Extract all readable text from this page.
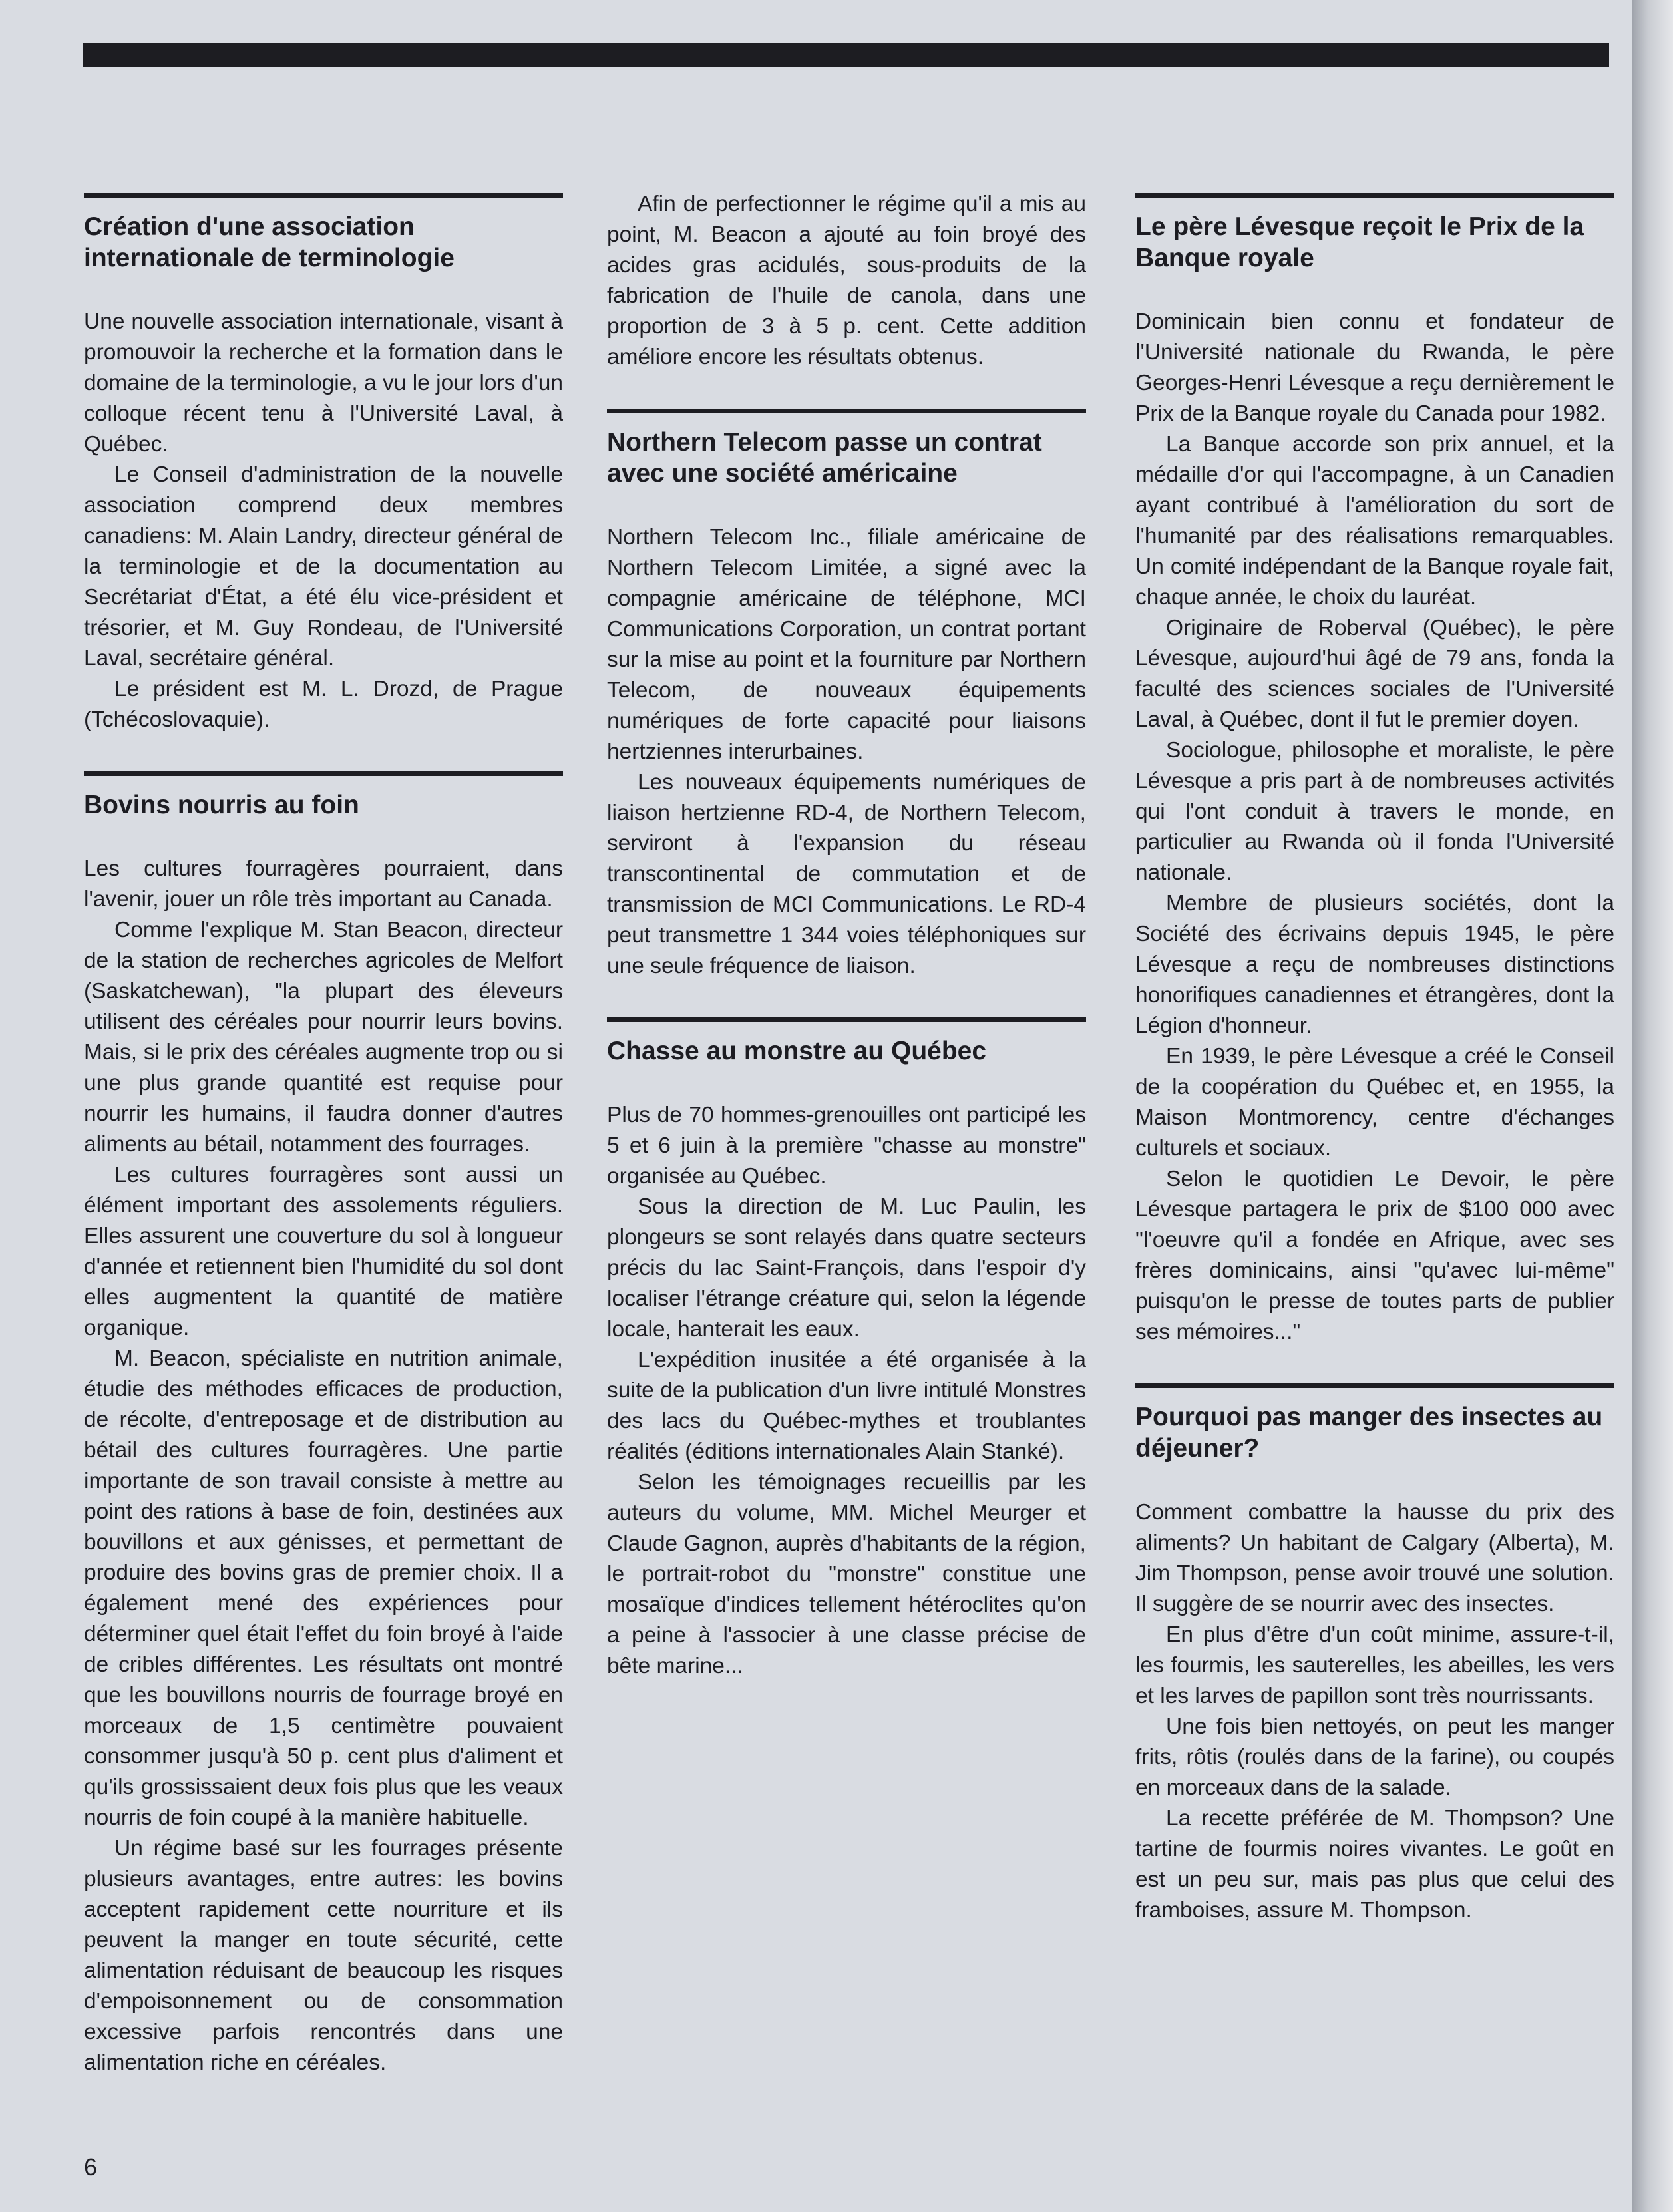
Création d'une association internationale de terminologie

Une nouvelle association internationale, visant à promouvoir la recherche et la formation dans le domaine de la terminologie, a vu le jour lors d'un colloque récent tenu à l'Université Laval, à Québec.

Le Conseil d'administration de la nouvelle association comprend deux membres canadiens: M. Alain Landry, directeur général de la terminologie et de la documentation au Secrétariat d'État, a été élu vice-président et trésorier, et M. Guy Rondeau, de l'Université Laval, secrétaire général.

Le président est M. L. Drozd, de Prague (Tchécoslovaquie).

Bovins nourris au foin

Les cultures fourragères pourraient, dans l'avenir, jouer un rôle très important au Canada.

Comme l'explique M. Stan Beacon, directeur de la station de recherches agricoles de Melfort (Saskatchewan), "la plupart des éleveurs utilisent des céréales pour nourrir leurs bovins. Mais, si le prix des céréales augmente trop ou si une plus grande quantité est requise pour nourrir les humains, il faudra donner d'autres aliments au bétail, notamment des fourrages.

Les cultures fourragères sont aussi un élément important des assolements réguliers. Elles assurent une couverture du sol à longueur d'année et retiennent bien l'humidité du sol dont elles augmentent la quantité de matière organique.

M. Beacon, spécialiste en nutrition animale, étudie des méthodes efficaces de production, de récolte, d'entreposage et de distribution au bétail des cultures fourragères. Une partie importante de son travail consiste à mettre au point des rations à base de foin, destinées aux bouvillons et aux génisses, et permettant de produire des bovins gras de premier choix. Il a également mené des expériences pour déterminer quel était l'effet du foin broyé à l'aide de cribles différentes. Les résultats ont montré que les bouvillons nourris de fourrage broyé en morceaux de 1,5 centimètre pouvaient consommer jusqu'à 50 p. cent plus d'aliment et qu'ils grossissaient deux fois plus que les veaux nourris de foin coupé à la manière habituelle.

Un régime basé sur les fourrages présente plusieurs avantages, entre autres: les bovins acceptent rapidement cette nourriture et ils peuvent la manger en toute sécurité, cette alimentation réduisant de beaucoup les risques d'empoisonnement ou de consommation excessive parfois rencontrés dans une alimentation riche en céréales.

Afin de perfectionner le régime qu'il a mis au point, M. Beacon a ajouté au foin broyé des acides gras acidulés, sous-produits de la fabrication de l'huile de canola, dans une proportion de 3 à 5 p. cent. Cette addition améliore encore les résultats obtenus.

Northern Telecom passe un contrat avec une société américaine

Northern Telecom Inc., filiale américaine de Northern Telecom Limitée, a signé avec la compagnie américaine de téléphone, MCI Communications Corporation, un contrat portant sur la mise au point et la fourniture par Northern Telecom, de nouveaux équipements numériques de forte capacité pour liaisons hertziennes interurbaines.

Les nouveaux équipements numériques de liaison hertzienne RD-4, de Northern Telecom, serviront à l'expansion du réseau transcontinental de commutation et de transmission de MCI Communications. Le RD-4 peut transmettre 1 344 voies téléphoniques sur une seule fréquence de liaison.

Chasse au monstre au Québec

Plus de 70 hommes-grenouilles ont participé les 5 et 6 juin à la première "chasse au monstre" organisée au Québec.

Sous la direction de M. Luc Paulin, les plongeurs se sont relayés dans quatre secteurs précis du lac Saint-François, dans l'espoir d'y localiser l'étrange créature qui, selon la légende locale, hanterait les eaux.

L'expédition inusitée a été organisée à la suite de la publication d'un livre intitulé Monstres des lacs du Québec-mythes et troublantes réalités (éditions internationales Alain Stanké).

Selon les témoignages recueillis par les auteurs du volume, MM. Michel Meurger et Claude Gagnon, auprès d'habitants de la région, le portrait-robot du "monstre" constitue une mosaïque d'indices tellement hétéroclites qu'on a peine à l'associer à une classe précise de bête marine...

Le père Lévesque reçoit le Prix de la Banque royale

Dominicain bien connu et fondateur de l'Université nationale du Rwanda, le père Georges-Henri Lévesque a reçu dernièrement le Prix de la Banque royale du Canada pour 1982.

La Banque accorde son prix annuel, et la médaille d'or qui l'accompagne, à un Canadien ayant contribué à l'amélioration du sort de l'humanité par des réalisations remarquables. Un comité indépendant de la Banque royale fait, chaque année, le choix du lauréat.

Originaire de Roberval (Québec), le père Lévesque, aujourd'hui âgé de 79 ans, fonda la faculté des sciences sociales de l'Université Laval, à Québec, dont il fut le premier doyen.

Sociologue, philosophe et moraliste, le père Lévesque a pris part à de nombreuses activités qui l'ont conduit à travers le monde, en particulier au Rwanda où il fonda l'Université nationale.

Membre de plusieurs sociétés, dont la Société des écrivains depuis 1945, le père Lévesque a reçu de nombreuses distinctions honorifiques canadiennes et étrangères, dont la Légion d'honneur.

En 1939, le père Lévesque a créé le Conseil de la coopération du Québec et, en 1955, la Maison Montmorency, centre d'échanges culturels et sociaux.

Selon le quotidien Le Devoir, le père Lévesque partagera le prix de $100 000 avec "l'oeuvre qu'il a fondée en Afrique, avec ses frères dominicains, ainsi "qu'avec lui-même" puisqu'on le presse de toutes parts de publier ses mémoires..."

Pourquoi pas manger des insectes au déjeuner?

Comment combattre la hausse du prix des aliments? Un habitant de Calgary (Alberta), M. Jim Thompson, pense avoir trouvé une solution. Il suggère de se nourrir avec des insectes.

En plus d'être d'un coût minime, assure-t-il, les fourmis, les sauterelles, les abeilles, les vers et les larves de papillon sont très nourrissants.

Une fois bien nettoyés, on peut les manger frits, rôtis (roulés dans de la farine), ou coupés en morceaux dans de la salade.

La recette préférée de M. Thompson? Une tartine de fourmis noires vivantes. Le goût en est un peu sur, mais pas plus que celui des framboises, assure M. Thompson.

6
